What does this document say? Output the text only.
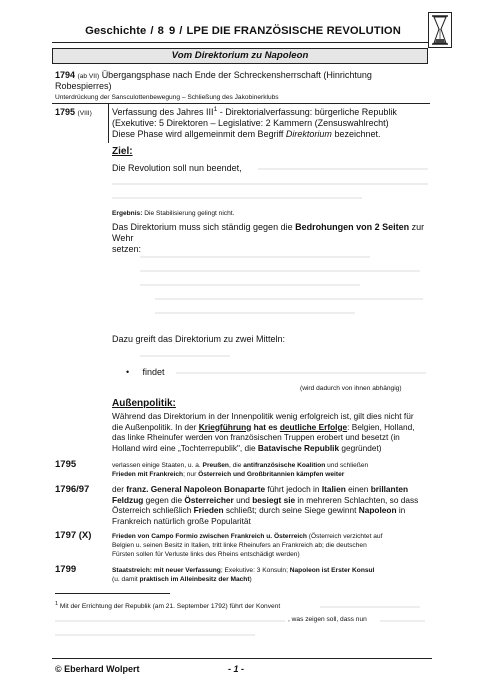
Geschichte / 8 9 / LPE DIE FRANZÖSISCHE REVOLUTION
Vom Direktorium zu Napoleon
1794 (ab VII) Übergangsphase nach Ende der Schreckensherrschaft (Hinrichtung
Robespierres)
Unterdrückung der Sansculottenbewegung – Schließung des Jakobinerklubs
1795 (VIII) Verfassung des Jahres III$^1$ - Direktorialverfassung: bürgerliche Republik
(Exekutive: 5 Direktoren – Legislative: 2 Kammern (Zensuswahlrecht)
Diese Phase wird allgemeinmit dem Begriff Direktorium bezeichnet.
Ziel:
Die Revolution soll nun beendet,
Ergebnis: Die Stabilisierung gelingt nicht.
Das Direktorium muss sich ständig gegen die Bedrohungen von 2 Seiten zur Wehr
setzen:
Dazu greift das Direktorium zu zwei Mitteln:
• findet
(wird dadurch von ihnen abhängig)
Außenpolitik:
Während das Direktorium in der Innenpolitik wenig erfolgreich ist, gilt dies nicht für
die Außenpolitik. In der Kriegführung hat es deutliche Erfolge: Belgien, Holland,
das linke Rheinufer werden von französischen Truppen erobert und besetzt (in
Holland wird eine „Tochterrepublik", die Batavische Republik gegründet)
1795	verlassen einige Staaten, u. a. Preußen, die antifranzösische Koalition und schließen
Frieden mit Frankreich; nur Österreich und Großbritannien kämpfen weiter
1796/97	der franz. General Napoleon Bonaparte führt jedoch in Italien einen brillanten
Feldzug gegen die Österreicher und besiegt sie in mehreren Schlachten, so dass
Österreich schließlich Frieden schließt; durch seine Siege gewinnt Napoleon in
Frankreich natürlich große Popularität
1797 (X)	Frieden von Campo Formio zwischen Frankreich u. Österreich (Österreich verzichtet auf
Belgien u. seinen Besitz in Italien, tritt linke Rheinufers an Frankreich ab; die deutschen
Fürsten sollen für Verluste links des Rheins entschädigt werden)
1799	Staatstreich: mit neuer Verfassung; Exekutive: 3 Konsuln; Napoleon ist Erster Konsul
(u. damit praktisch im Alleinbesitz der Macht)
$^1$ Mit der Errichtung der Republik (am 21. September 1792) führt der Konvent
, was zeigen soll, dass nun
© Eberhard Wolpert	- 1 -
